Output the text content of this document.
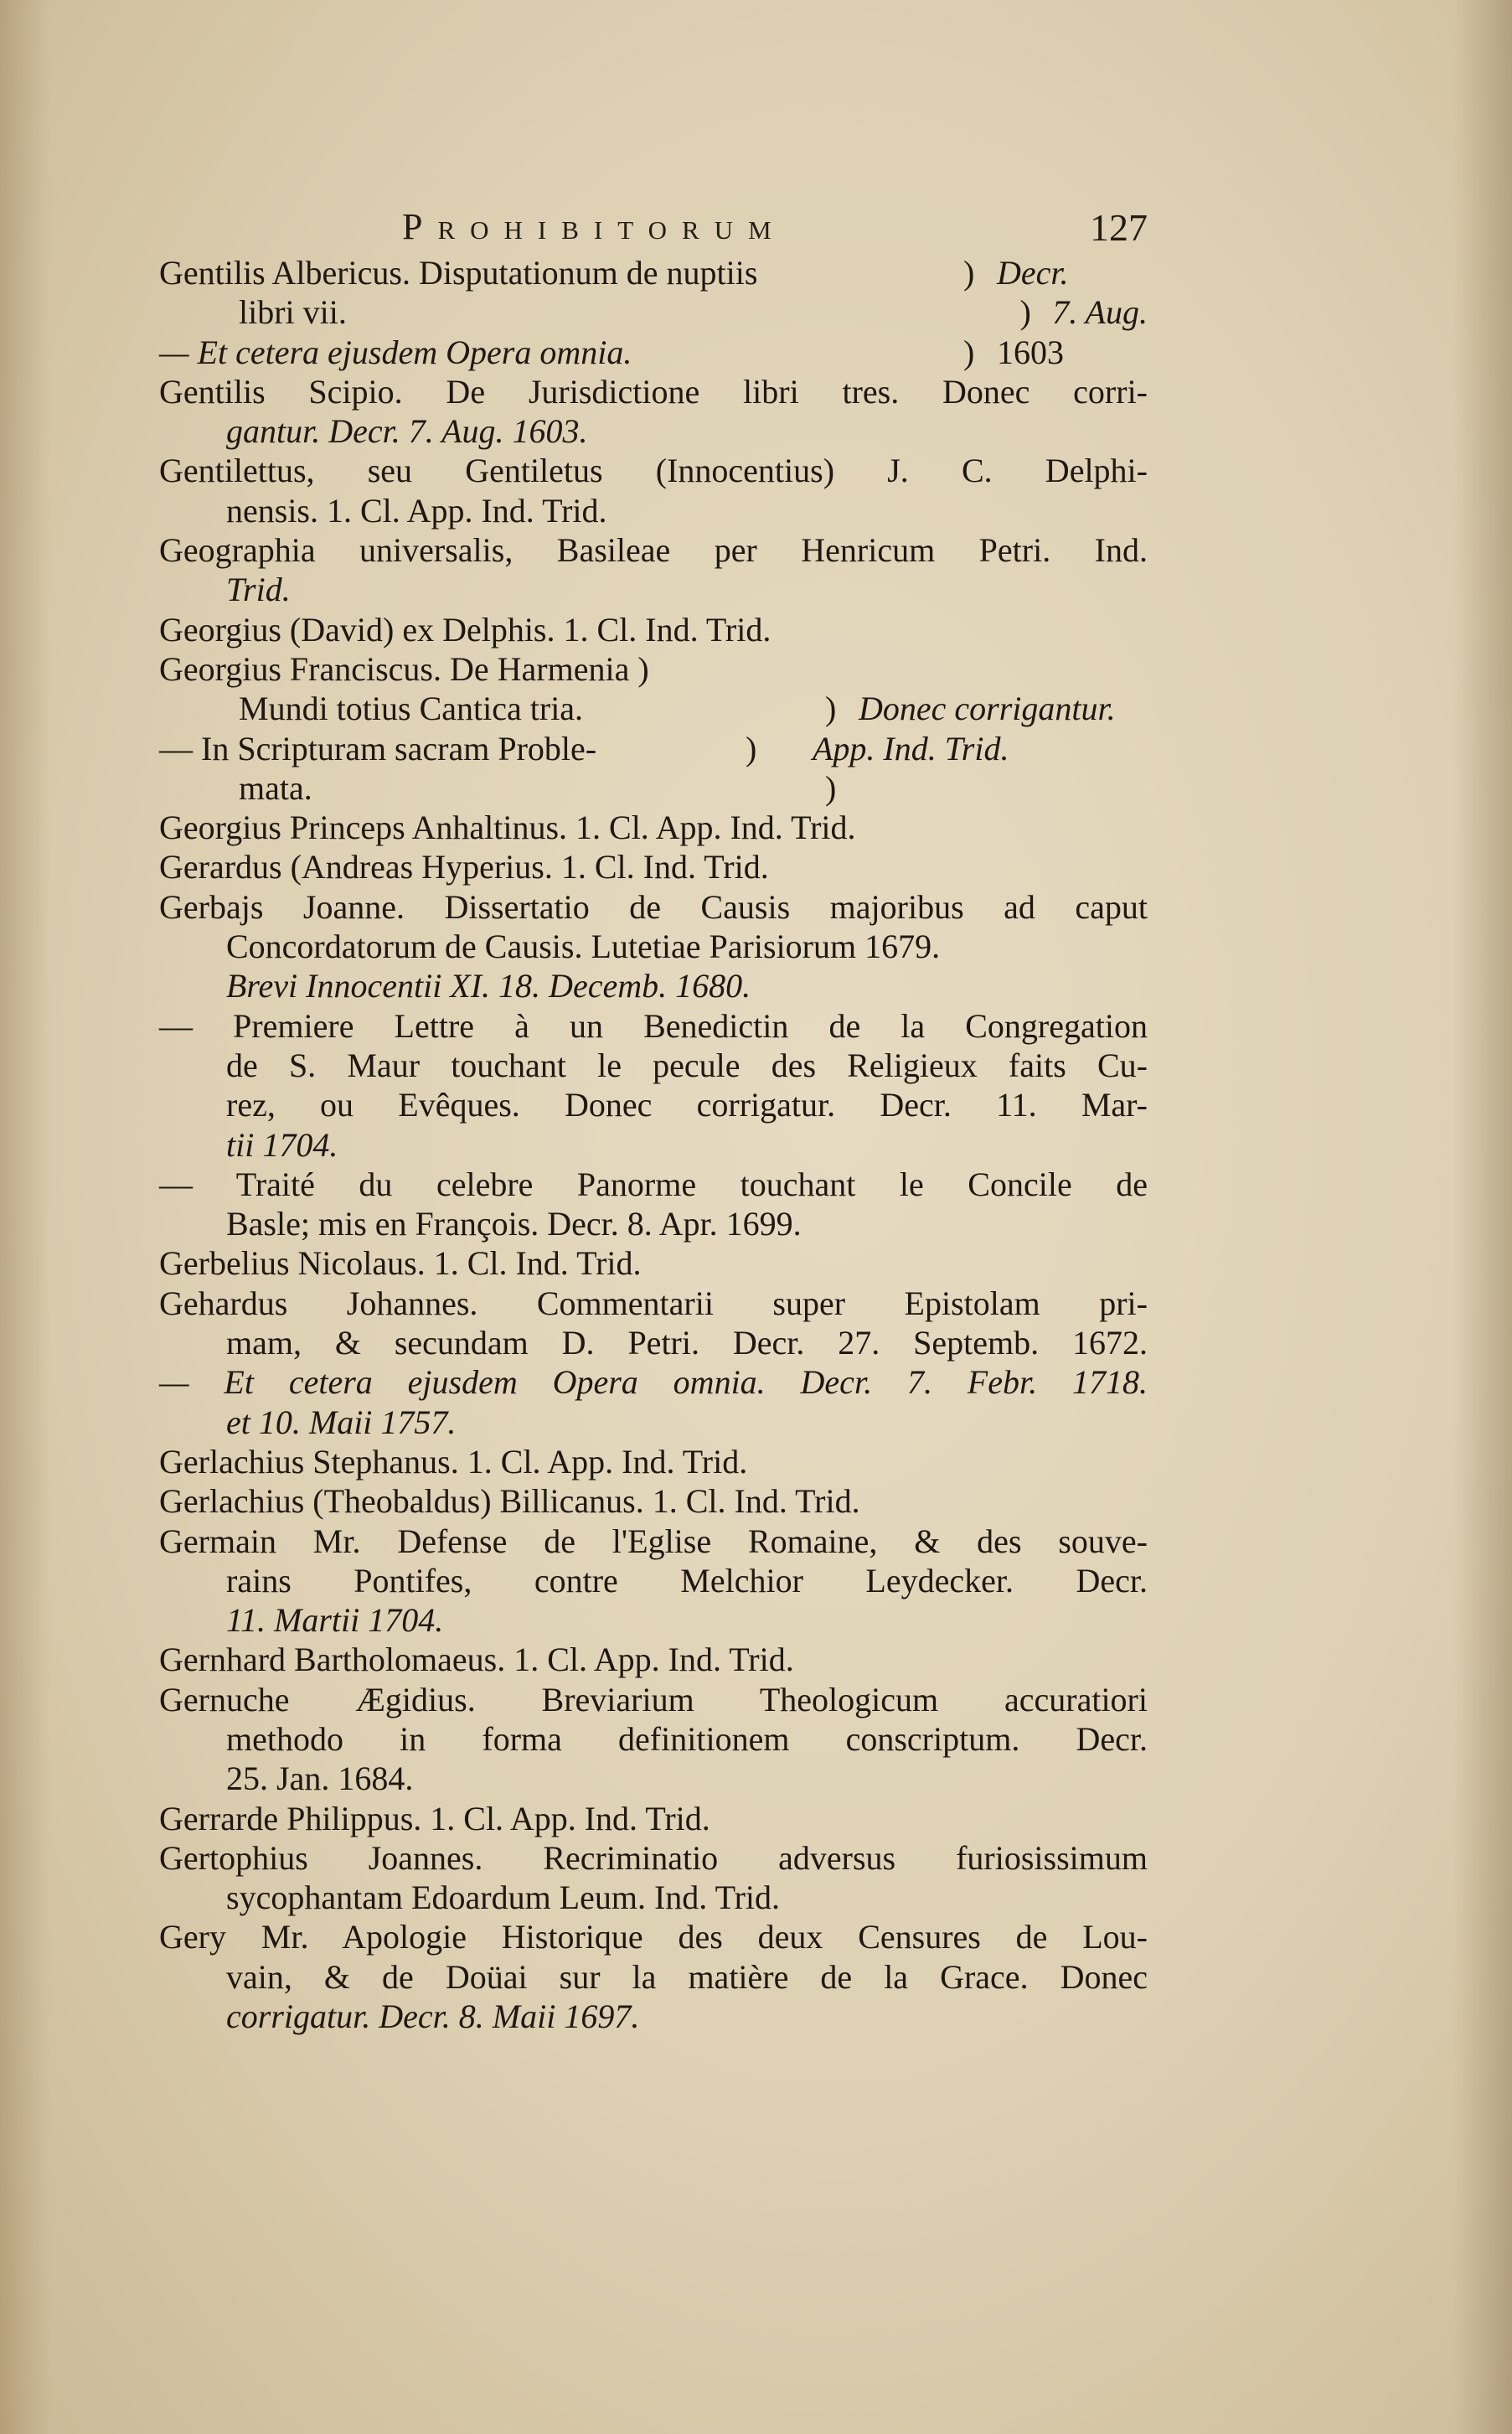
Prohibitorum	127
Gentilis Albericus. Disputationum de nuptiis	) Decr.
libri vii.	) 7. Aug.
— Et cetera ejusdem Opera omnia.	) 1603
Gentilis Scipio. De Jurisdictione libri tres. Donec corri-
gantur. Decr. 7. Aug. 1603.
Gentilettus, seu Gentiletus (Innocentius) J. C. Delphi-
nensis. 1. Cl. App. Ind. Trid.
Geographia universalis, Basileae per Henricum Petri. Ind.
Trid.
Georgius (David) ex Delphis. 1. Cl. Ind. Trid.
Georgius Franciscus. De Harmenia )
Mundi totius Cantica tria.	) Donec corrigantur.
— In Scripturam sacram Proble-	)	App. Ind. Trid.
mata.	)
Georgius Princeps Anhaltinus. 1. Cl. App. Ind. Trid.
Gerardus (Andreas Hyperius. 1. Cl. Ind. Trid.
Gerbajs Joanne. Dissertatio de Causis majoribus ad caput
Concordatorum de Causis. Lutetiae Parisiorum 1679.
Brevi Innocentii XI. 18. Decemb. 1680.
— Premiere Lettre à un Benedictin de la Congregation
de S. Maur touchant le pecule des Religieux faits Cu-
rez, ou Evêques. Donec corrigatur. Decr. 11. Mar-
tii 1704.
— Traité du celebre Panorme touchant le Concile de
Basle; mis en François. Decr. 8. Apr. 1699.
Gerbelius Nicolaus. 1. Cl. Ind. Trid.
Gehardus Johannes. Commentarii super Epistolam pri-
mam, & secundam D. Petri. Decr. 27. Septemb. 1672.
— Et cetera ejusdem Opera omnia. Decr. 7. Febr. 1718.
et 10. Maii 1757.
Gerlachius Stephanus. 1. Cl. App. Ind. Trid.
Gerlachius (Theobaldus) Billicanus. 1. Cl. Ind. Trid.
Germain Mr. Defense de l'Eglise Romaine, & des souve-
rains Pontifes, contre Melchior Leydecker. Decr.
11. Martii 1704.
Gernhard Bartholomaeus. 1. Cl. App. Ind. Trid.
Gernuche Ægidius. Breviarium Theologicum accuratiori
methodo in forma definitionem conscriptum. Decr.
25. Jan. 1684.
Gerrarde Philippus. 1. Cl. App. Ind. Trid.
Gertophius Joannes. Recriminatio adversus furiosissimum
sycophantam Edoardum Leum. Ind. Trid.
Gery Mr. Apologie Historique des deux Censures de Lou-
vain, & de Doüai sur la matière de la Grace. Donec
corrigatur. Decr. 8. Maii 1697.
